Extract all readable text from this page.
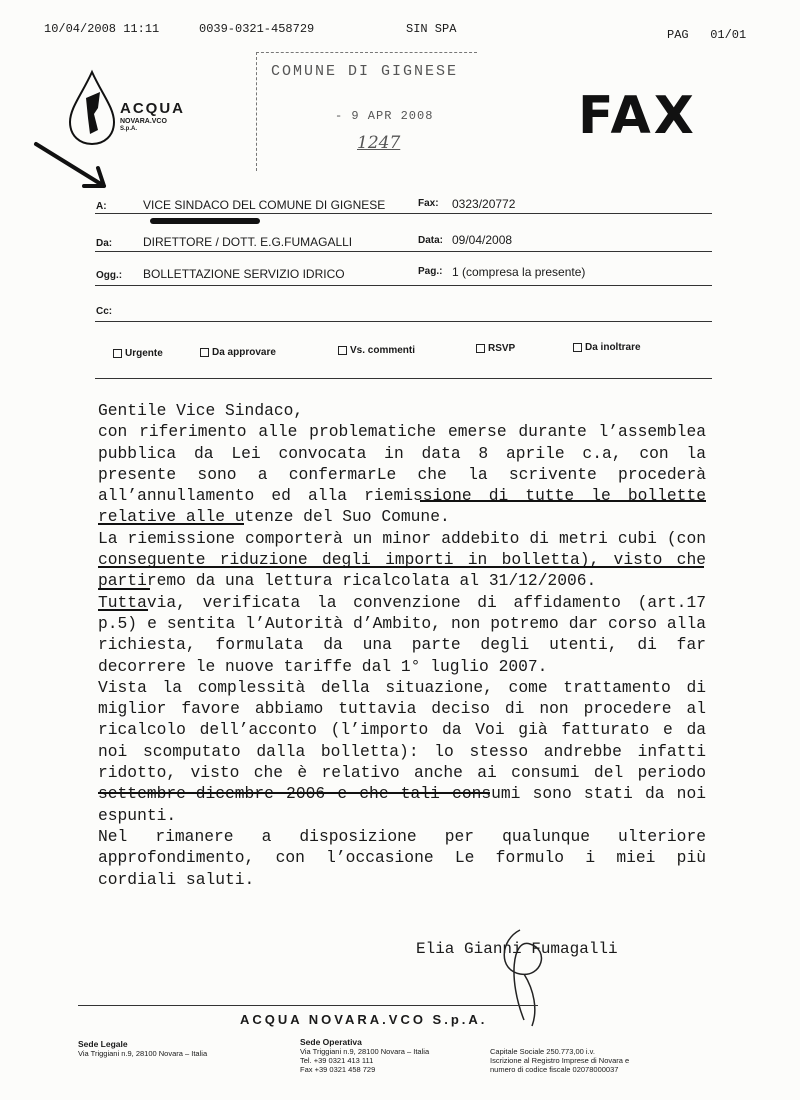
10/04/2008 11:11	0039-0321-458729	SIN SPA	PAG   01/01
COMUNE DI GIGNESE
- 9 APR 2008
1247
ACQUA
NOVARA.VCO
S.p.A.	FAX
A:	VICE SINDACO DEL COMUNE DI GIGNESE	Fax: 0323/20772
Da:	DIRETTORE / DOTT. E.G.FUMAGALLI	Data: 09/04/2008
Ogg.: BOLLETTAZIONE SERVIZIO IDRICO	Pag.: 1 (compresa la presente)
Cc:
Urgente	Da approvare	Vs. commenti	RSVP	Da inoltrare

Gentile Vice Sindaco,

con riferimento alle problematiche emerse durante l’assemblea pubblica da Lei convocata in data 8 aprile c.a, con la presente sono a confermarLe che la scrivente procederà all’annullamento ed alla riemissione di tutte le bollette relative alle utenze del Suo Comune.

La riemissione comporterà un minor addebito di metri cubi (con conseguente riduzione degli importi in bolletta), visto che partiremo da una lettura ricalcolata al 31/12/2006.

Tuttavia, verificata la convenzione di affidamento (art.17 p.5) e sentita l’Autorità d’Ambito, non potremo dar corso alla richiesta, formulata da una parte degli utenti, di far decorrere le nuove tariffe dal 1° luglio 2007.

Vista la complessità della situazione, come trattamento di miglior favore abbiamo tuttavia deciso di non procedere al ricalcolo dell’acconto (l’importo da Voi già fatturato e da noi scomputato dalla bolletta): lo stesso andrebbe infatti ridotto, visto che è relativo anche ai consumi del periodo settembre-dicembre 2006 e che tali consumi sono stati da noi espunti.

Nel rimanere a disposizione per qualunque ulteriore approfondimento, con l’occasione Le formulo i miei più cordiali saluti.

Elia Gianni Fumagalli
ACQUA NOVARA.VCO S.p.A.
Sede Legale
Via Triggiani n.9, 28100 Novara – Italia
Sede Operativa
Via Triggiani n.9, 28100 Novara – Italia
Tel. +39 0321 413 111
Fax +39 0321 458 729
Capitale Sociale 250.773,00 i.v.
Iscrizione al Registro Imprese di Novara e
numero di codice fiscale 02078000037
